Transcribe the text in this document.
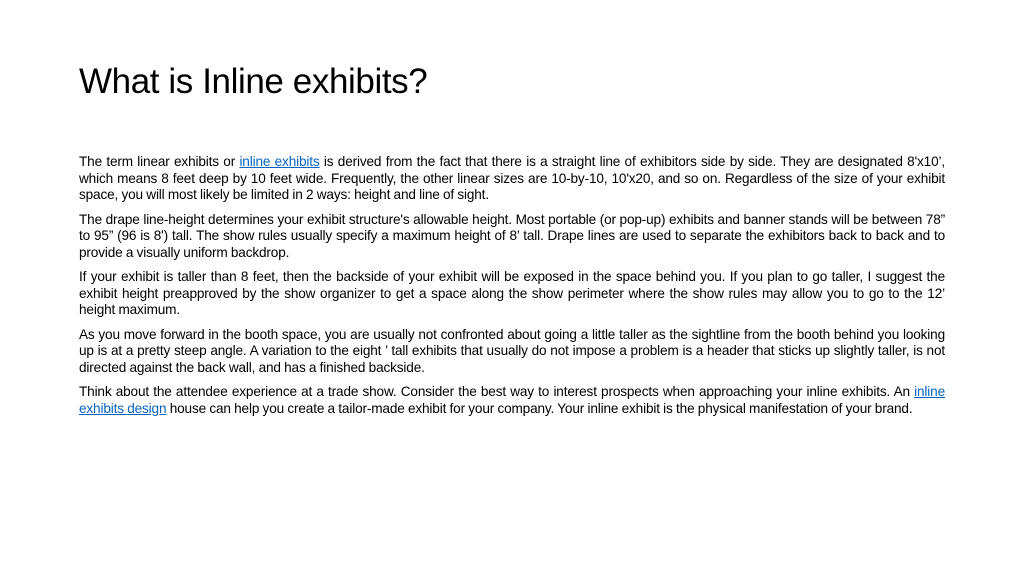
What is Inline exhibits?

The term linear exhibits or inline exhibits is derived from the fact that there is a straight line of exhibitors side by side. They are designated 8'x10’, which means 8 feet deep by 10 feet wide. Frequently, the other linear sizes are 10-by-10, 10'x20, and so on. Regardless of the size of your exhibit space, you will most likely be limited in 2 ways: height and line of sight.

The drape line-height determines your exhibit structure's allowable height. Most portable (or pop-up) exhibits and banner stands will be between 78” to 95” (96 is 8') tall. The show rules usually specify a maximum height of 8’ tall. Drape lines are used to separate the exhibitors back to back and to provide a visually uniform backdrop.

If your exhibit is taller than 8 feet, then the backside of your exhibit will be exposed in the space behind you. If you plan to go taller, I suggest the exhibit height preapproved by the show organizer to get a space along the show perimeter where the show rules may allow you to go to the 12’ height maximum.

As you move forward in the booth space, you are usually not confronted about going a little taller as the sightline from the booth behind you looking up is at a pretty steep angle. A variation to the eight ’ tall exhibits that usually do not impose a problem is a header that sticks up slightly taller, is not directed against the back wall, and has a finished backside.

Think about the attendee experience at a trade show. Consider the best way to interest prospects when approaching your inline exhibits. An inline exhibits design house can help you create a tailor-made exhibit for your company. Your inline exhibit is the physical manifestation of your brand.
